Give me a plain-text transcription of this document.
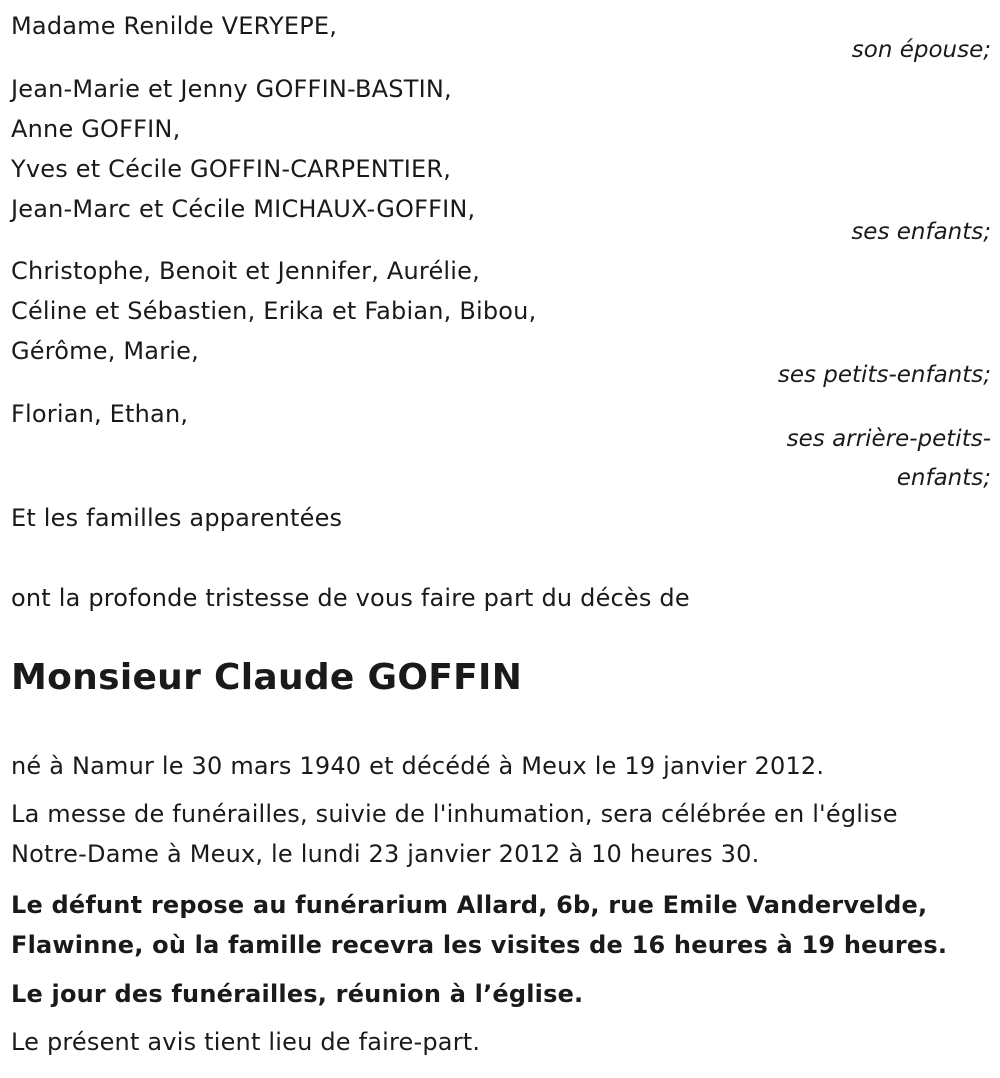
Madame Renilde VERYEPE,
son épouse;
Jean-Marie et Jenny GOFFIN-BASTIN,
Anne GOFFIN,
Yves et Cécile GOFFIN-CARPENTIER,
Jean-Marc et Cécile MICHAUX-GOFFIN,
ses enfants;
Christophe, Benoit et Jennifer, Aurélie,
Céline et Sébastien, Erika et Fabian, Bibou,
Gérôme, Marie,
ses petits-enfants;
Florian, Ethan,
ses arrière-petits-
enfants;
Et les familles apparentées
ont la profonde tristesse de vous faire part du décès de
Monsieur Claude GOFFIN
né à Namur le 30 mars 1940 et décédé à Meux le 19 janvier 2012.
La messe de funérailles, suivie de l'inhumation, sera célébrée en l'église
Notre-Dame à Meux, le lundi 23 janvier 2012 à 10 heures 30.
Le défunt repose au funérarium Allard, 6b, rue Emile Vandervelde,
Flawinne, où la famille recevra les visites de 16 heures à 19 heures.
Le jour des funérailles, réunion à l’église.
Le présent avis tient lieu de faire-part.
